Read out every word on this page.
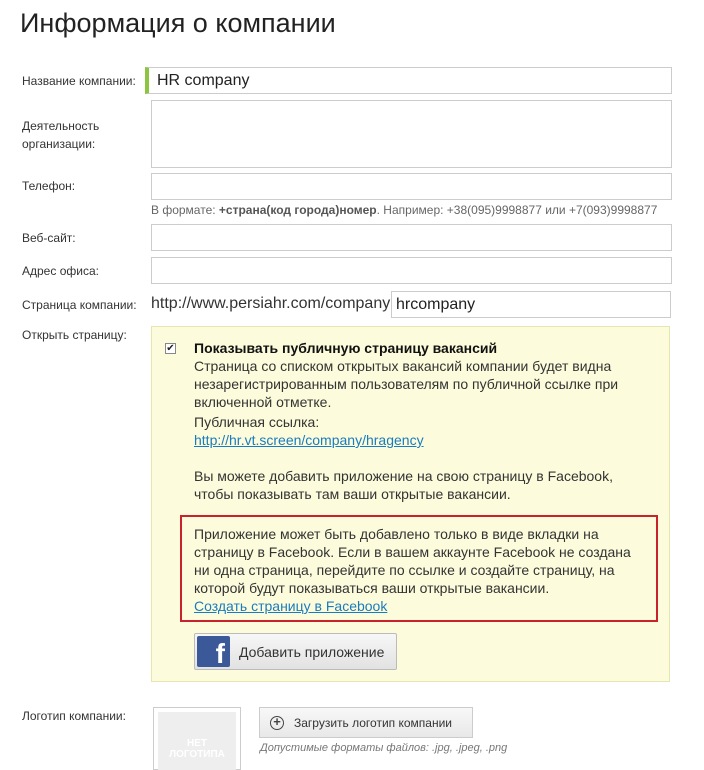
Информация о компании
Название компании:
HR company
Деятельность организации:
Телефон:
В формате: +страна(код города)номер. Например: +38(095)9998877 или +7(093)9998877
Веб-сайт:
Адрес офиса:
Страница компании: http://www.persiahr.com/company
hrcompany
Открыть страницу:
✔ Показывать публичную страницу вакансий
Страница со списком открытых вакансий компании будет видна незарегистрированным пользователям по публичной ссылке при включенной отметке.
Публичная ссылка:
http://hr.vt.screen/company/hragency
Вы можете добавить приложение на свою страницу в Facebook, чтобы показывать там ваши открытые вакансии.
Приложение может быть добавлено только в виде вкладки на страницу в Facebook. Если в вашем аккаунте Facebook не создана ни одна страница, перейдите по ссылке и создайте страницу, на которой будут показываться ваши открытые вакансии.
Создать страницу в Facebook
f	Добавить приложение
Логотип компании:
НЕТ
ЛОГОТИПА
+ Загрузить логотип компании
Допустимые форматы файлов: .jpg, .jpeg, .png
